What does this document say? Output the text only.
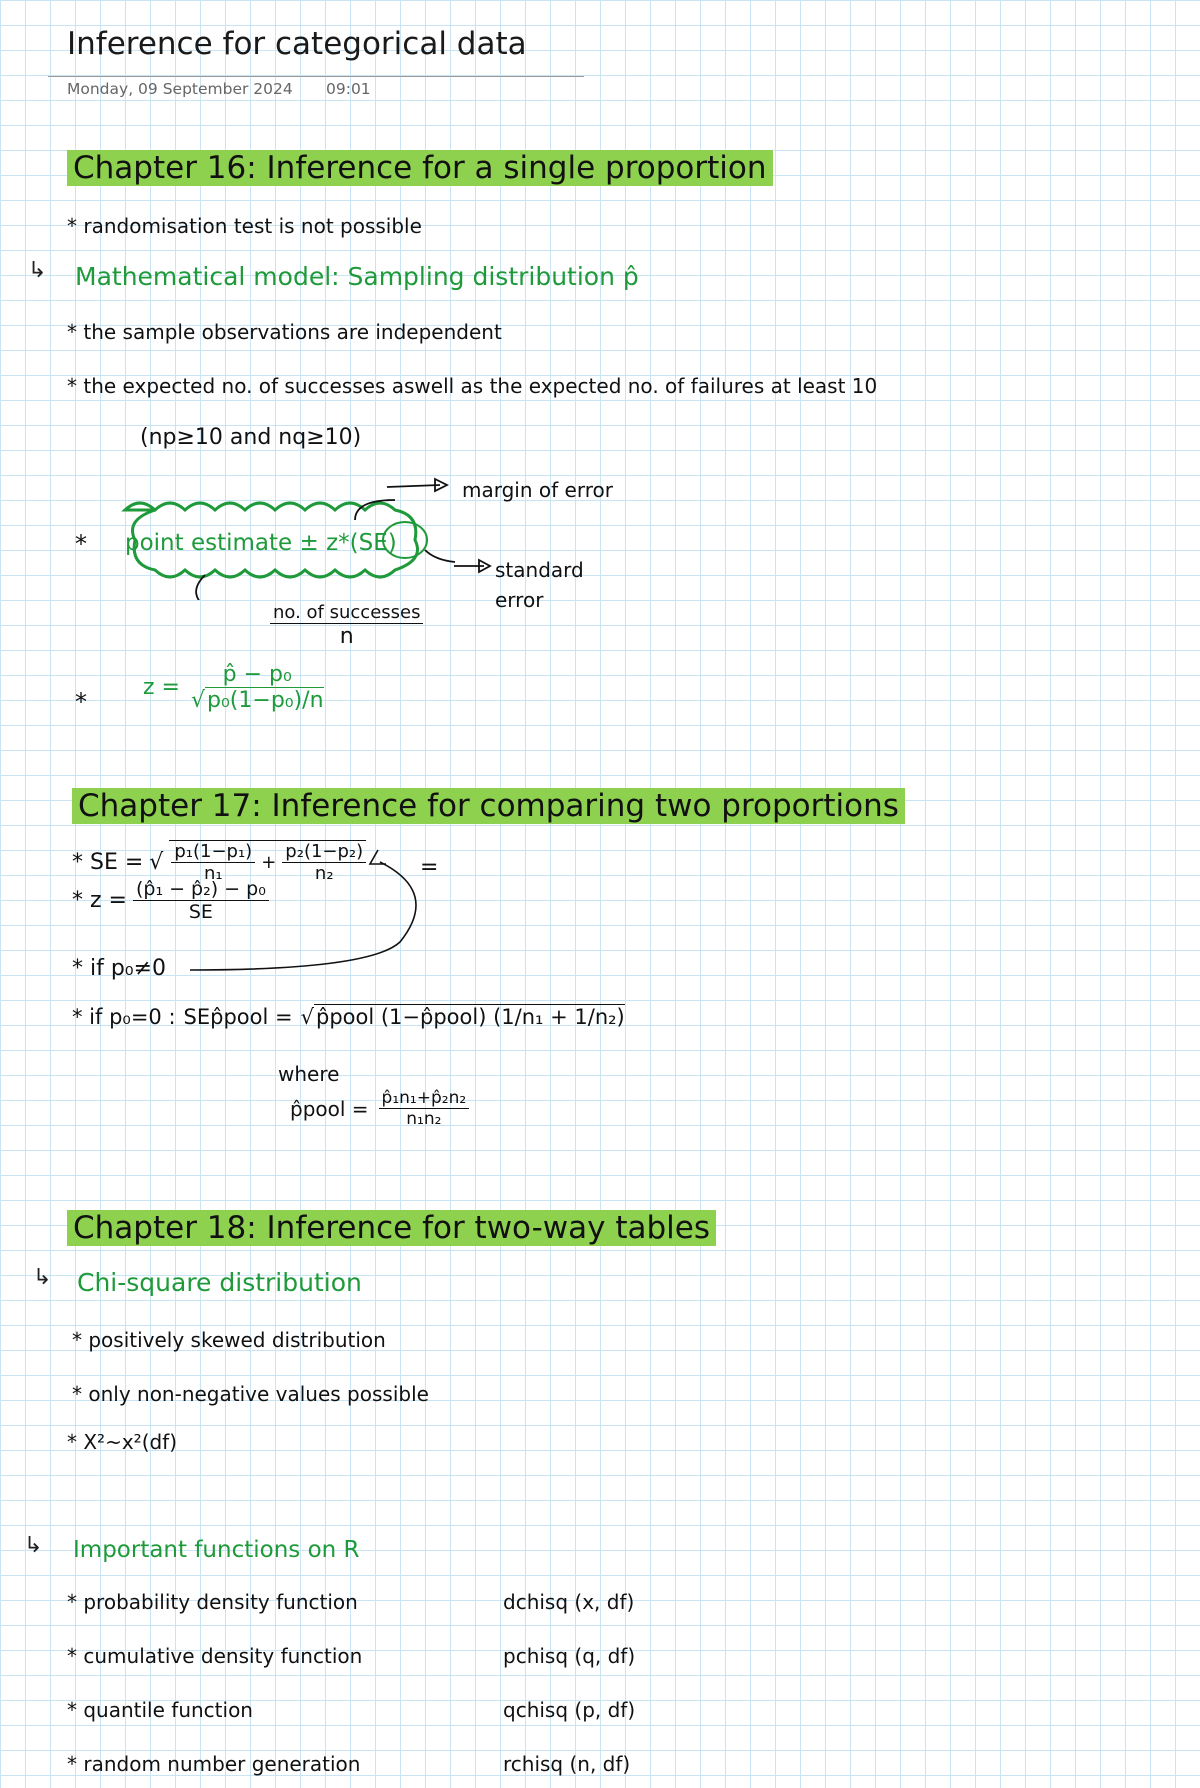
Inference for categorical data
Monday, 09 September 2024 09:01
Chapter 16: Inference for a single proportion
* randomisation test is not possible
↳ Mathematical model: Sampling distribution p̂
* the sample observations are independent
* the expected no. of successes aswell as the expected no. of failures at least 10
(np≥10 and nq≥10)
* point estimate ± z*(SE)
margin of error
standard error
$\frac{\text{no. of successes}}{n}$
*
$z = \frac{\text{p̂ − p₀}}{\text{√p₀(1−p₀)/n}}$
Chapter 17: Inference for comparing two proportions
* SE = √ $\frac{\text{p₁(1−p₁)}}{\text{n₁}} + \frac{\text{p₂(1−p₂)}}{\text{n₂}}$
* $z = \frac{\text{(p̂₁ − p̂₂) − p₀}}{SE}$
=
* if p₀≠0
* if p₀=0 : SEp̂pool = √p̂pool (1−p̂pool) (1/n₁ + 1/n₂)
where
p̂pool = $\frac{\text{p̂₁n₁+p̂₂n₂}}{\text{n₁n₂}}$
Chapter 18: Inference for two-way tables
↳ Chi-square distribution
* positively skewed distribution
* only non-negative values possible
* X²~x²(df)
↳ Important functions on R
* probability density function	dchisq (x, df)
* cumulative density function	pchisq (q, df)
* quantile function	qchisq (p, df)
* random number generation	rchisq (n, df)
